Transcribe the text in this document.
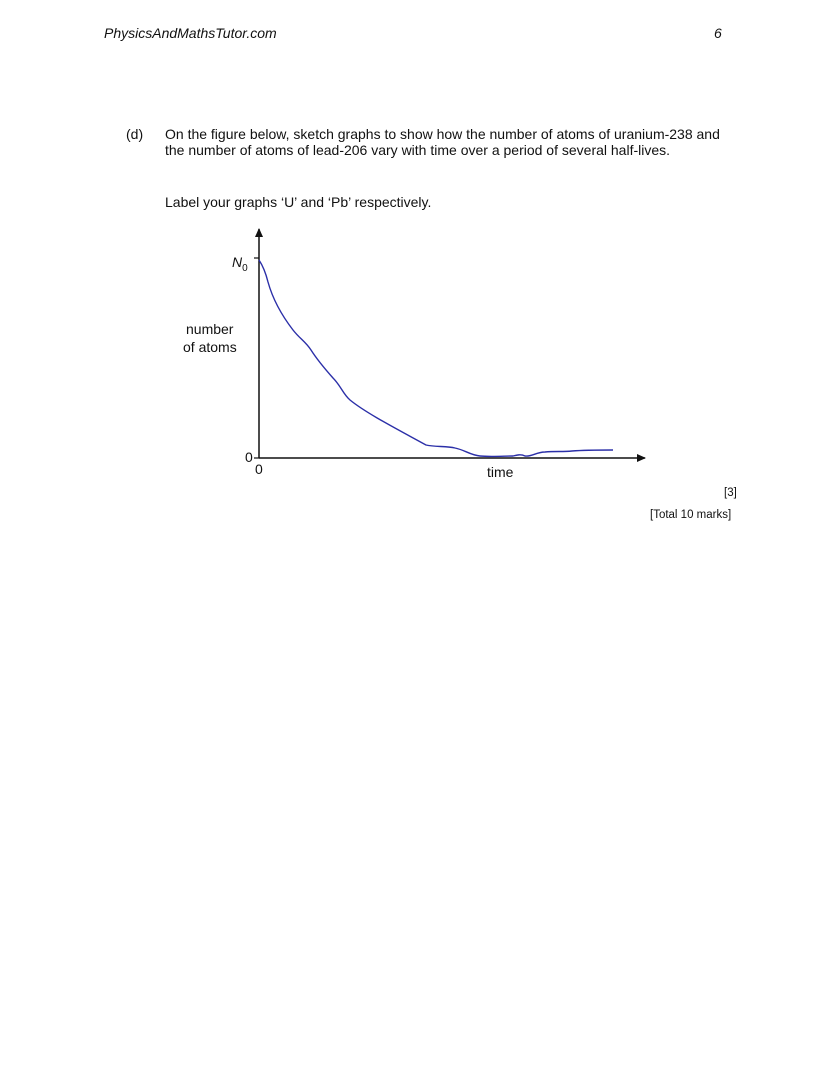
PhysicsAndMathsTutor.com	6
(d) On the figure below, sketch graphs to show how the number of atoms of uranium-238 and the number of atoms of lead-206 vary with time over a period of several half-lives.
Label your graphs ‘U’ and ‘Pb’ respectively.
$N_0$
number
of atoms
0
0	time
[3]
[Total 10 marks]
